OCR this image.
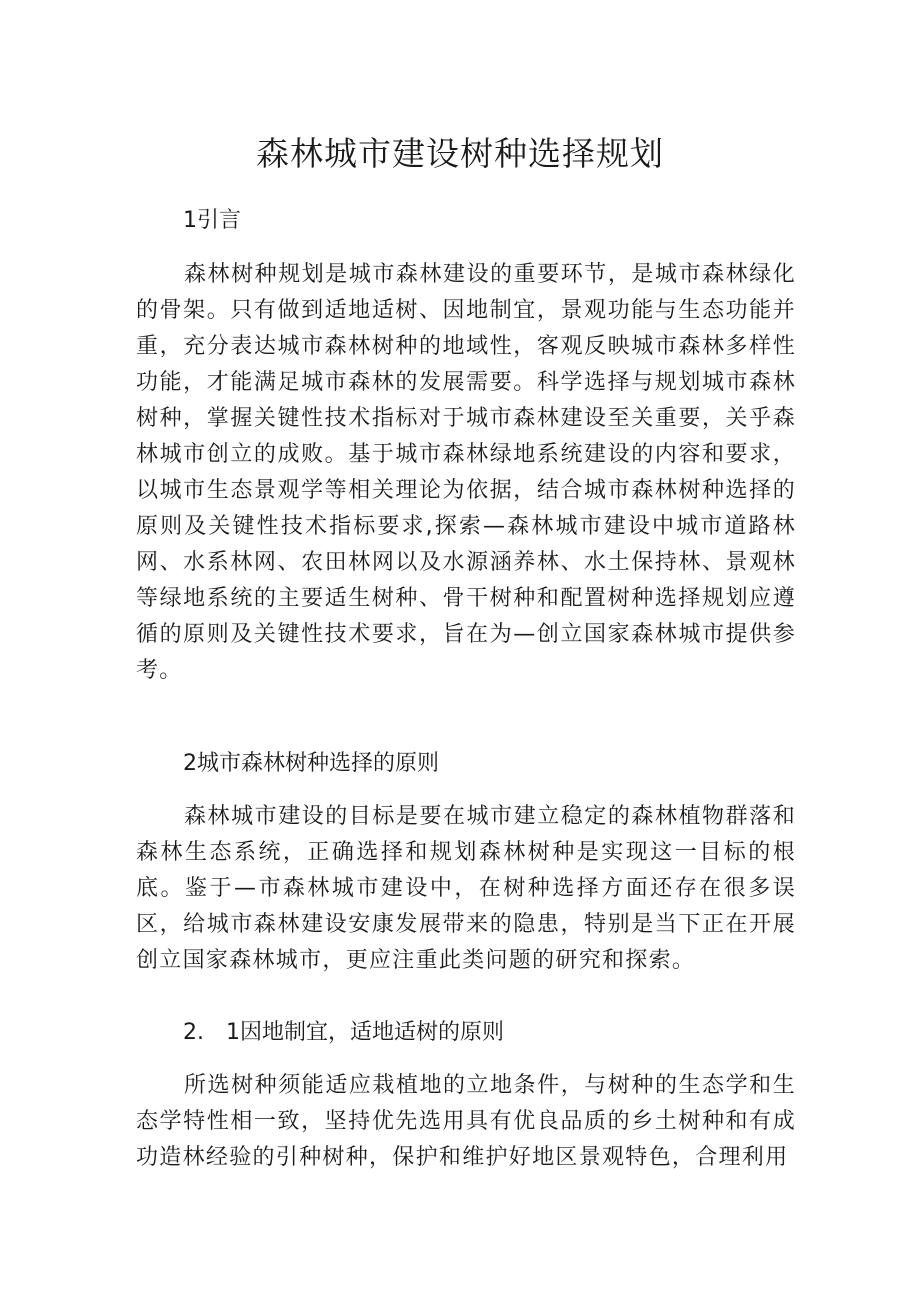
森林城市建设树种选择规划
1引言

森林树种规划是城市森林建设的重要环节，是城市森林绿化的骨架。只有做到适地适树、因地制宜，景观功能与生态功能并重，充分表达城市森林树种的地域性，客观反映城市森林多样性功能，才能满足城市森林的发展需要。科学选择与规划城市森林树种，掌握关键性技术指标对于城市森林建设至关重要，关乎森林城市创立的成败。基于城市森林绿地系统建设的内容和要求，以城市生态景观学等相关理论为依据，结合城市森林树种选择的原则及关键性技术指标要求,探索—森林城市建设中城市道路林网、水系林网、农田林网以及水源涵养林、水土保持林、景观林等绿地系统的主要适生树种、骨干树种和配置树种选择规划应遵循的原则及关键性技术要求，旨在为—创立国家森林城市提供参考。

2城市森林树种选择的原则

森林城市建设的目标是要在城市建立稳定的森林植物群落和森林生态系统，正确选择和规划森林树种是实现这一目标的根底。鉴于—市森林城市建设中，在树种选择方面还存在很多误区，给城市森林建设安康发展带来的隐患，特别是当下正在开展创立国家森林城市，更应注重此类问题的研究和探索。

2.　1因地制宜，适地适树的原则

所选树种须能适应栽植地的立地条件，与树种的生态学和生态学特性相一致，坚持优先选用具有优良品质的乡土树种和有成功造林经验的引种树种，保护和维护好地区景观特色，合理利用
